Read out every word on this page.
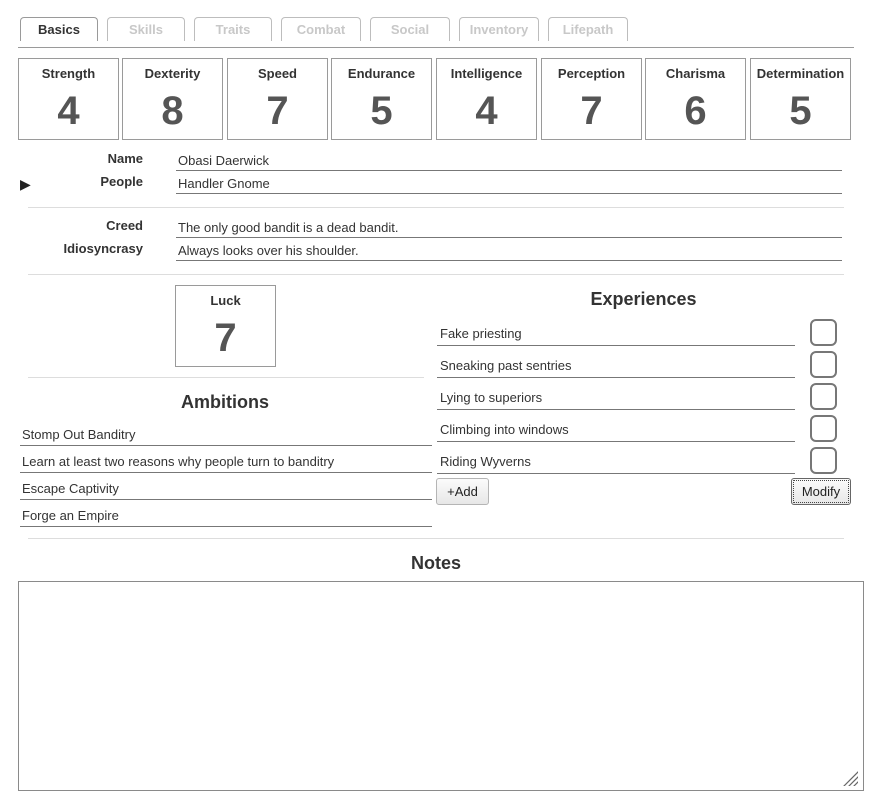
Basics	Skills	Traits	Combat	Social	Inventory	Lifepath
Strength
4
Dexterity
8
Speed
7
Endurance
5
Intelligence
4
Perception
7
Charisma
6
Determination
5
Name
Obasi Daerwick
▶	People
Handler Gnome
Creed
The only good bandit is a dead bandit.
Idiosyncrasy
Always looks over his shoulder.
Luck
7
Ambitions
Stomp Out Banditry
Learn at least two reasons why people turn to banditry
Escape Captivity
Forge an Empire
Experiences
Fake priesting
Sneaking past sentries
Lying to superiors
Climbing into windows
Riding Wyverns
+Add	Modify
Notes
